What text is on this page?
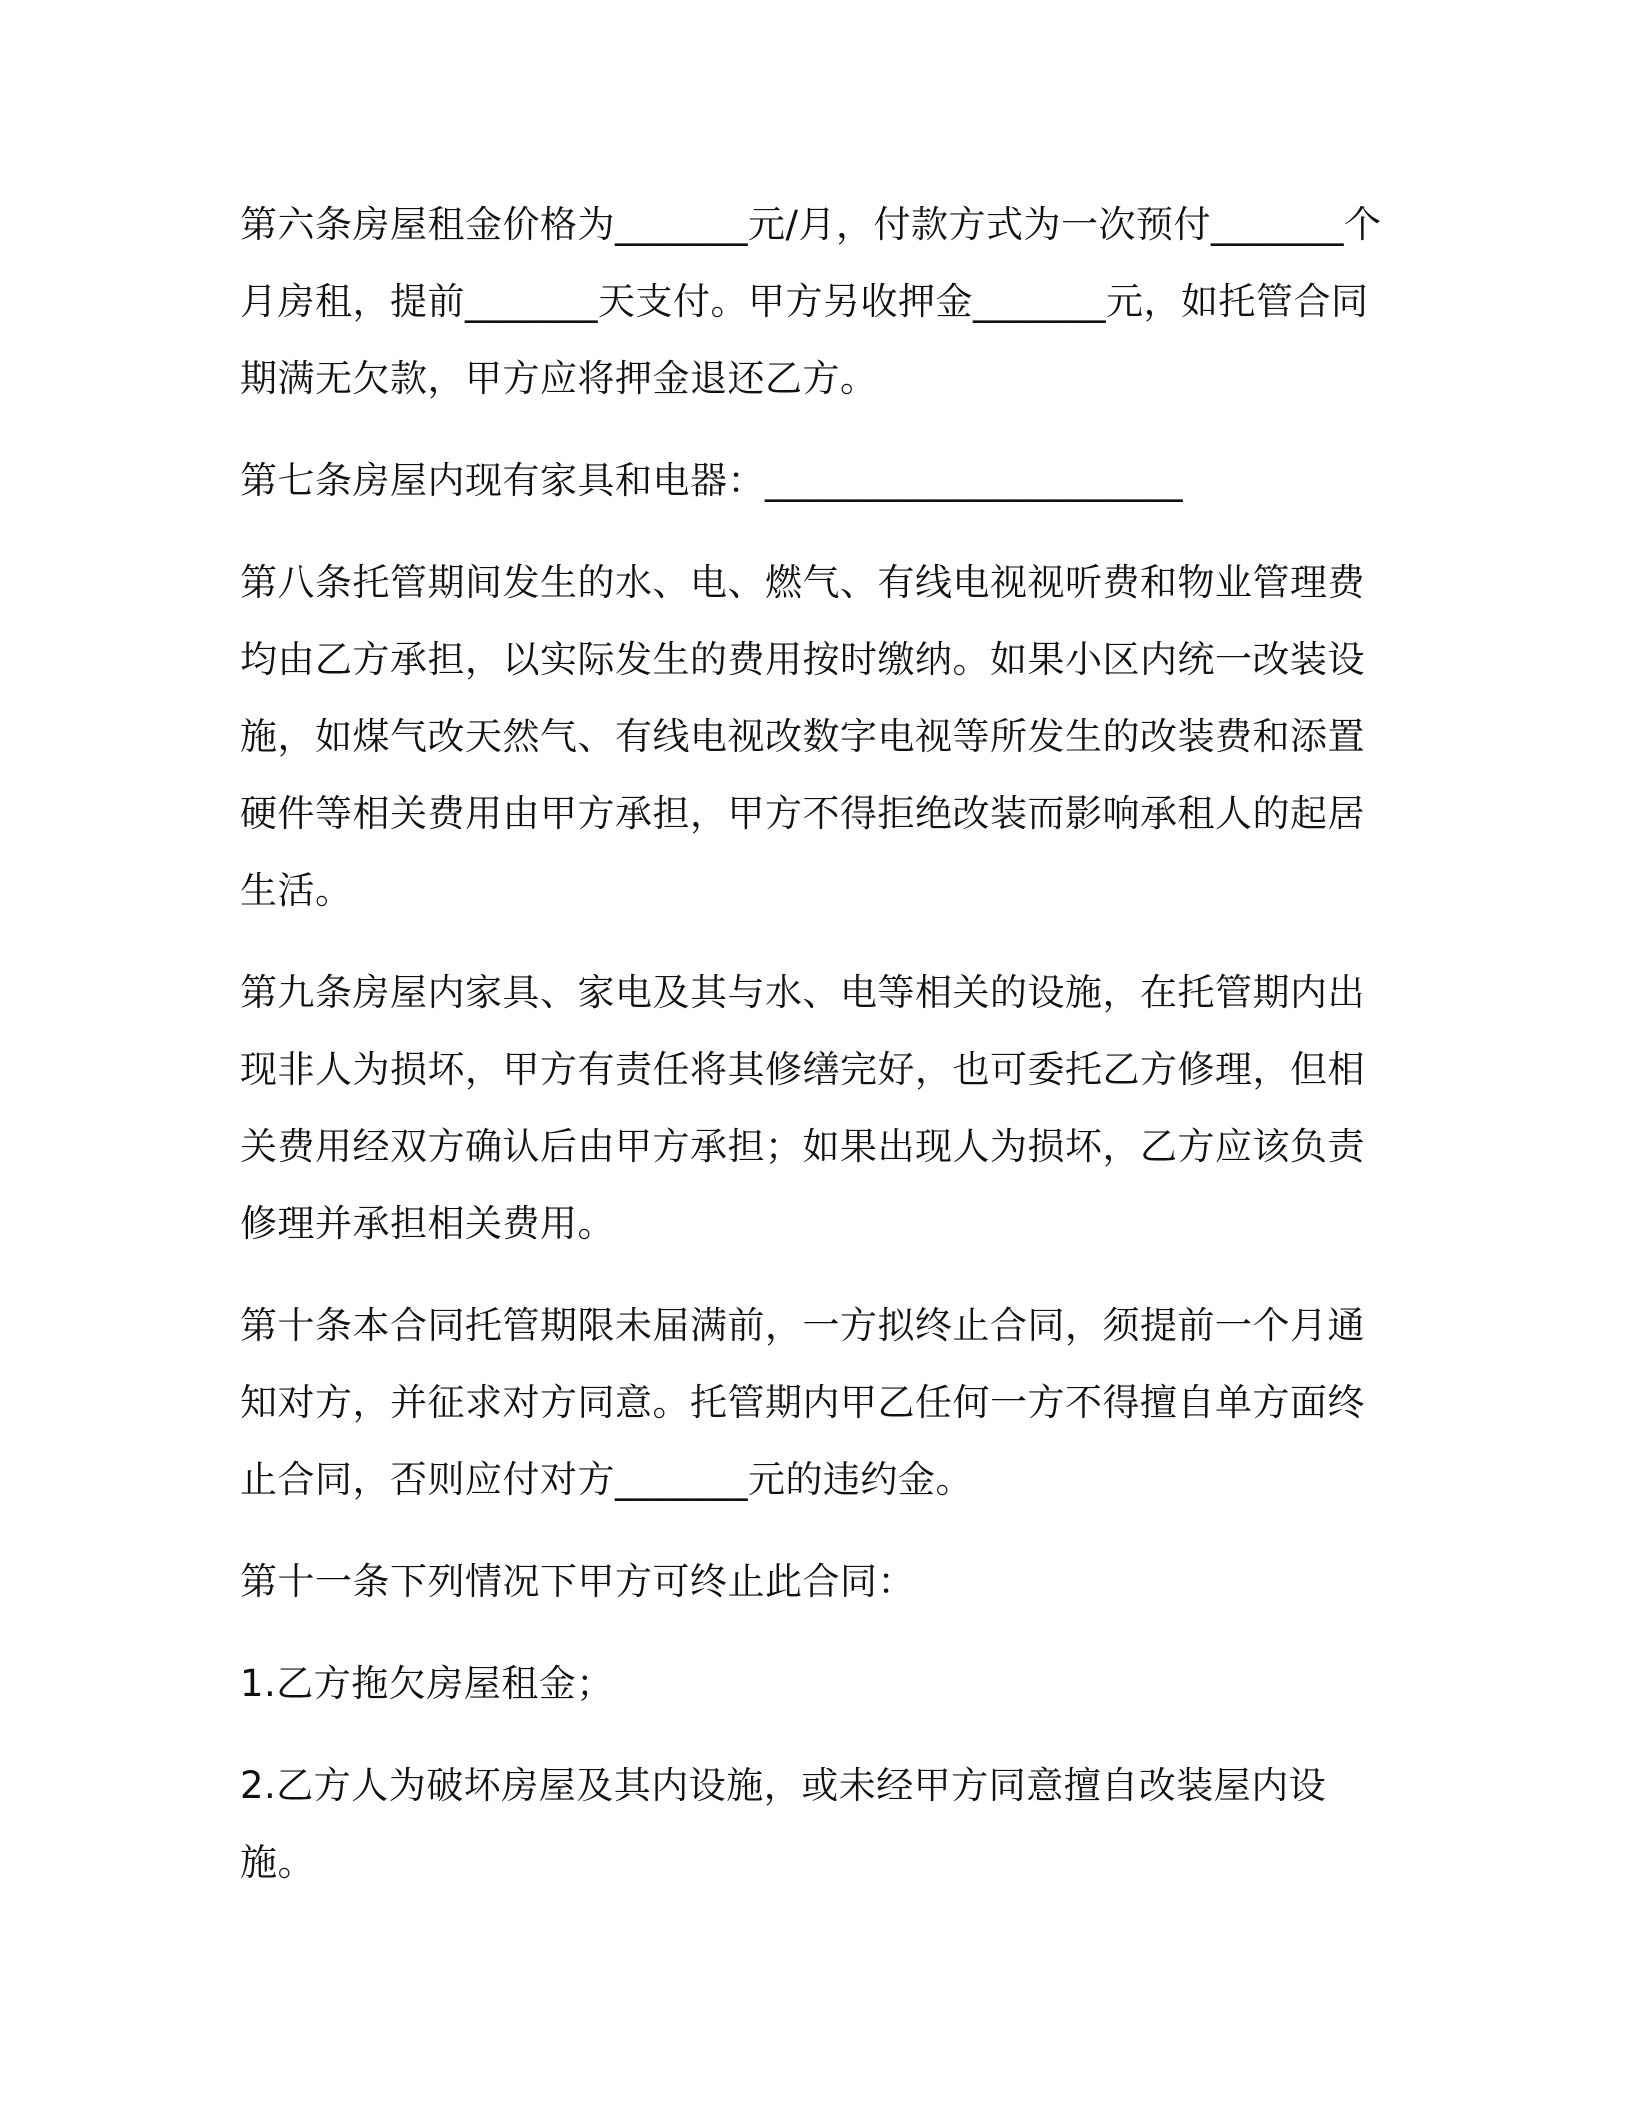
第六条房屋租金价格为_______元/月，付款方式为一次预付_______个月房租，提前_______天支付。甲方另收押金_______元，如托管合同期满无欠款，甲方应将押金退还乙方。

第七条房屋内现有家具和电器：______________________

第八条托管期间发生的水、电、燃气、有线电视视听费和物业管理费均由乙方承担，以实际发生的费用按时缴纳。如果小区内统一改装设施，如煤气改天然气、有线电视改数字电视等所发生的改装费和添置硬件等相关费用由甲方承担，甲方不得拒绝改装而影响承租人的起居生活。

第九条房屋内家具、家电及其与水、电等相关的设施，在托管期内出现非人为损坏，甲方有责任将其修缮完好，也可委托乙方修理，但相关费用经双方确认后由甲方承担；如果出现人为损坏，乙方应该负责修理并承担相关费用。

第十条本合同托管期限未届满前，一方拟终止合同，须提前一个月通知对方，并征求对方同意。托管期内甲乙任何一方不得擅自单方面终止合同，否则应付对方_______元的违约金。

第十一条下列情况下甲方可终止此合同：

1.乙方拖欠房屋租金；

2.乙方人为破坏房屋及其内设施，或未经甲方同意擅自改装屋内设施。
